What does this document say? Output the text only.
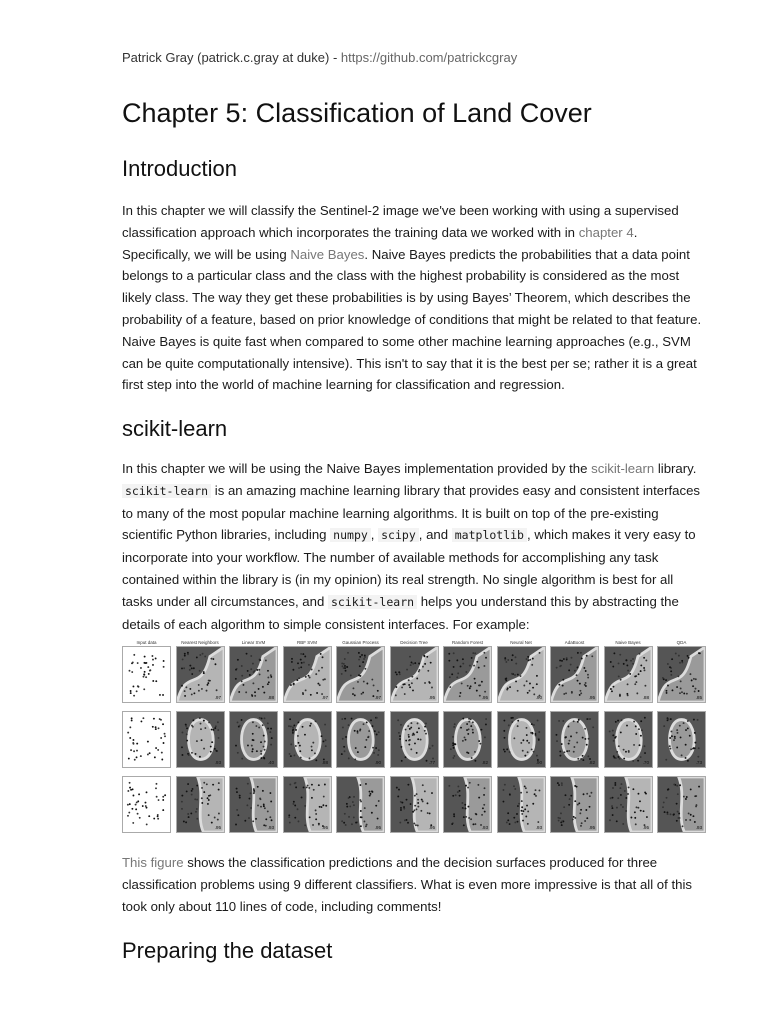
Patrick Gray (patrick.c.gray at duke) - https://github.com/patrickcgray
Chapter 5: Classification of Land Cover
Introduction

In this chapter we will classify the Sentinel-2 image we've been working with using a supervised classification approach which incorporates the training data we worked with in chapter 4. Specifically, we will be using Naive Bayes. Naive Bayes predicts the probabilities that a data point belongs to a particular class and the class with the highest probability is considered as the most likely class. The way they get these probabilities is by using Bayes’ Theorem, which describes the probability of a feature, based on prior knowledge of conditions that might be related to that feature. Naive Bayes is quite fast when compared to some other machine learning approaches (e.g., SVM can be quite computationally intensive). This isn't to say that it is the best per se; rather it is a great first step into the world of machine learning for classification and regression.

scikit-learn

In this chapter we will be using the Naive Bayes implementation provided by the scikit-learn library. scikit-learn is an amazing machine learning library that provides easy and consistent interfaces to many of the most popular machine learning algorithms. It is built on top of the pre-existing scientific Python libraries, including numpy , scipy , and matplotlib , which makes it very easy to incorporate into your workflow. The number of available methods for accomplishing any task contained within the library is (in my opinion) its real strength. No single algorithm is best for all tasks under all circumstances, and scikit-learn helps you understand this by abstracting the details of each algorithm to simple consistent interfaces. For example:

Input data	Nearest Neighbors	Linear SVM	RBF SVM	Gaussian Process	Decision Tree	Random Forest	Neural Net	AdaBoost	Naive Bayes	QDA
.97	.88	.97	.97	.95	.95	.90	.95	.88	.85
.93	.40	.88	.90	.77	.82	.90	.82	.70	.73
.95	.93	.95	.95	.95	.93	.93	.95	.95	.93

This figure shows the classification predictions and the decision surfaces produced for three classification problems using 9 different classifiers. What is even more impressive is that all of this took only about 110 lines of code, including comments!

Preparing the dataset
